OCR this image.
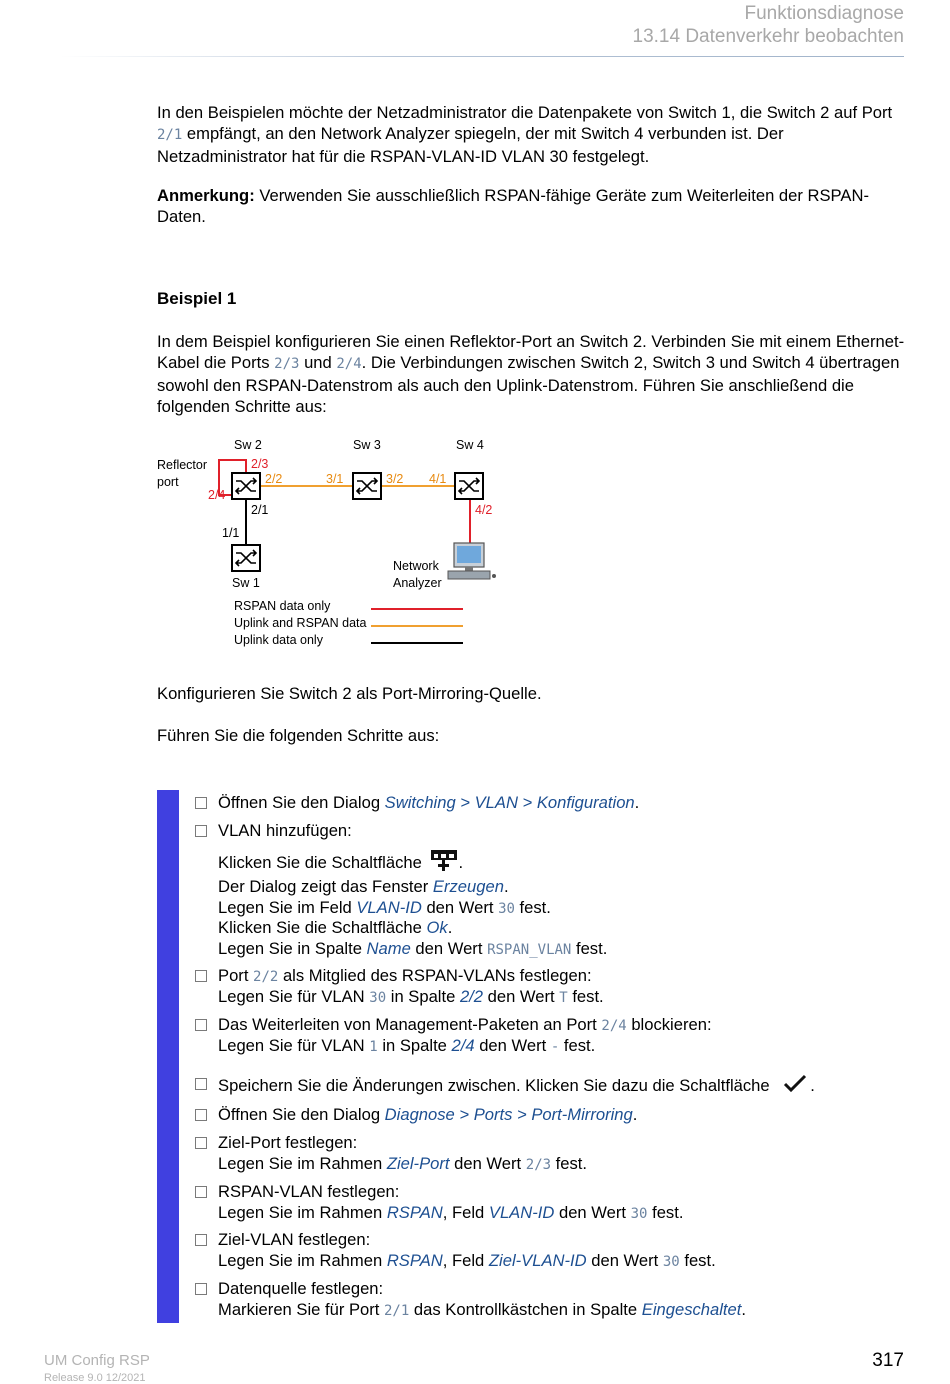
Funktionsdiagnose
13.14 Datenverkehr beobachten
In den Beispielen möchte der Netzadministrator die Datenpakete von Switch 1, die Switch 2 auf Port 2/1 empfängt, an den Network Analyzer spiegeln, der mit Switch 4 verbunden ist. Der Netzadministrator hat für die RSPAN-VLAN-ID VLAN 30 festgelegt.
Anmerkung: Verwenden Sie ausschließlich RSPAN-fähige Geräte zum Weiterleiten der RSPAN-Daten.
Beispiel 1
In dem Beispiel konfigurieren Sie einen Reflektor-Port an Switch 2. Verbinden Sie mit einem Ethernet-Kabel die Ports 2/3 und 2/4. Die Verbindungen zwischen Switch 2, Switch 3 und Switch 4 übertragen sowohl den RSPAN-Datenstrom als auch den Uplink-Datenstrom. Führen Sie anschließend die folgenden Schritte aus:
Sw 2	Sw 3	Sw 4
Sw 1
Reflector
port
2/3
2/2
2/4
2/1
3/1	3/2 4/1
4/2
1/1
Network
Analyzer
RSPAN data only
Uplink and RSPAN data
Uplink data only
Konfigurieren Sie Switch 2 als Port-Mirroring-Quelle.
Führen Sie die folgenden Schritte aus:
Öffnen Sie den Dialog Switching > VLAN > Konfiguration.
VLAN hinzufügen:
Klicken Sie die Schaltfläche .
Der Dialog zeigt das Fenster Erzeugen.
Legen Sie im Feld VLAN-ID den Wert 30 fest.
Klicken Sie die Schaltfläche Ok.
Legen Sie in Spalte Name den Wert RSPAN_VLAN fest.
Port 2/2 als Mitglied des RSPAN-VLANs festlegen:
Legen Sie für VLAN 30 in Spalte 2/2 den Wert T fest.
Das Weiterleiten von Management-Paketen an Port 2/4 blockieren:
Legen Sie für VLAN 1 in Spalte 2/4 den Wert - fest.
Speichern Sie die Änderungen zwischen. Klicken Sie dazu die Schaltfläche .
Öffnen Sie den Dialog Diagnose > Ports > Port-Mirroring.
Ziel-Port festlegen:
Legen Sie im Rahmen Ziel-Port den Wert 2/3 fest.
RSPAN-VLAN festlegen:
Legen Sie im Rahmen RSPAN, Feld VLAN-ID den Wert 30 fest.
Ziel-VLAN festlegen:
Legen Sie im Rahmen RSPAN, Feld Ziel-VLAN-ID den Wert 30 fest.
Datenquelle festlegen:
Markieren Sie für Port 2/1 das Kontrollkästchen in Spalte Eingeschaltet.
UM Config RSP
Release 9.0 12/2021
317
